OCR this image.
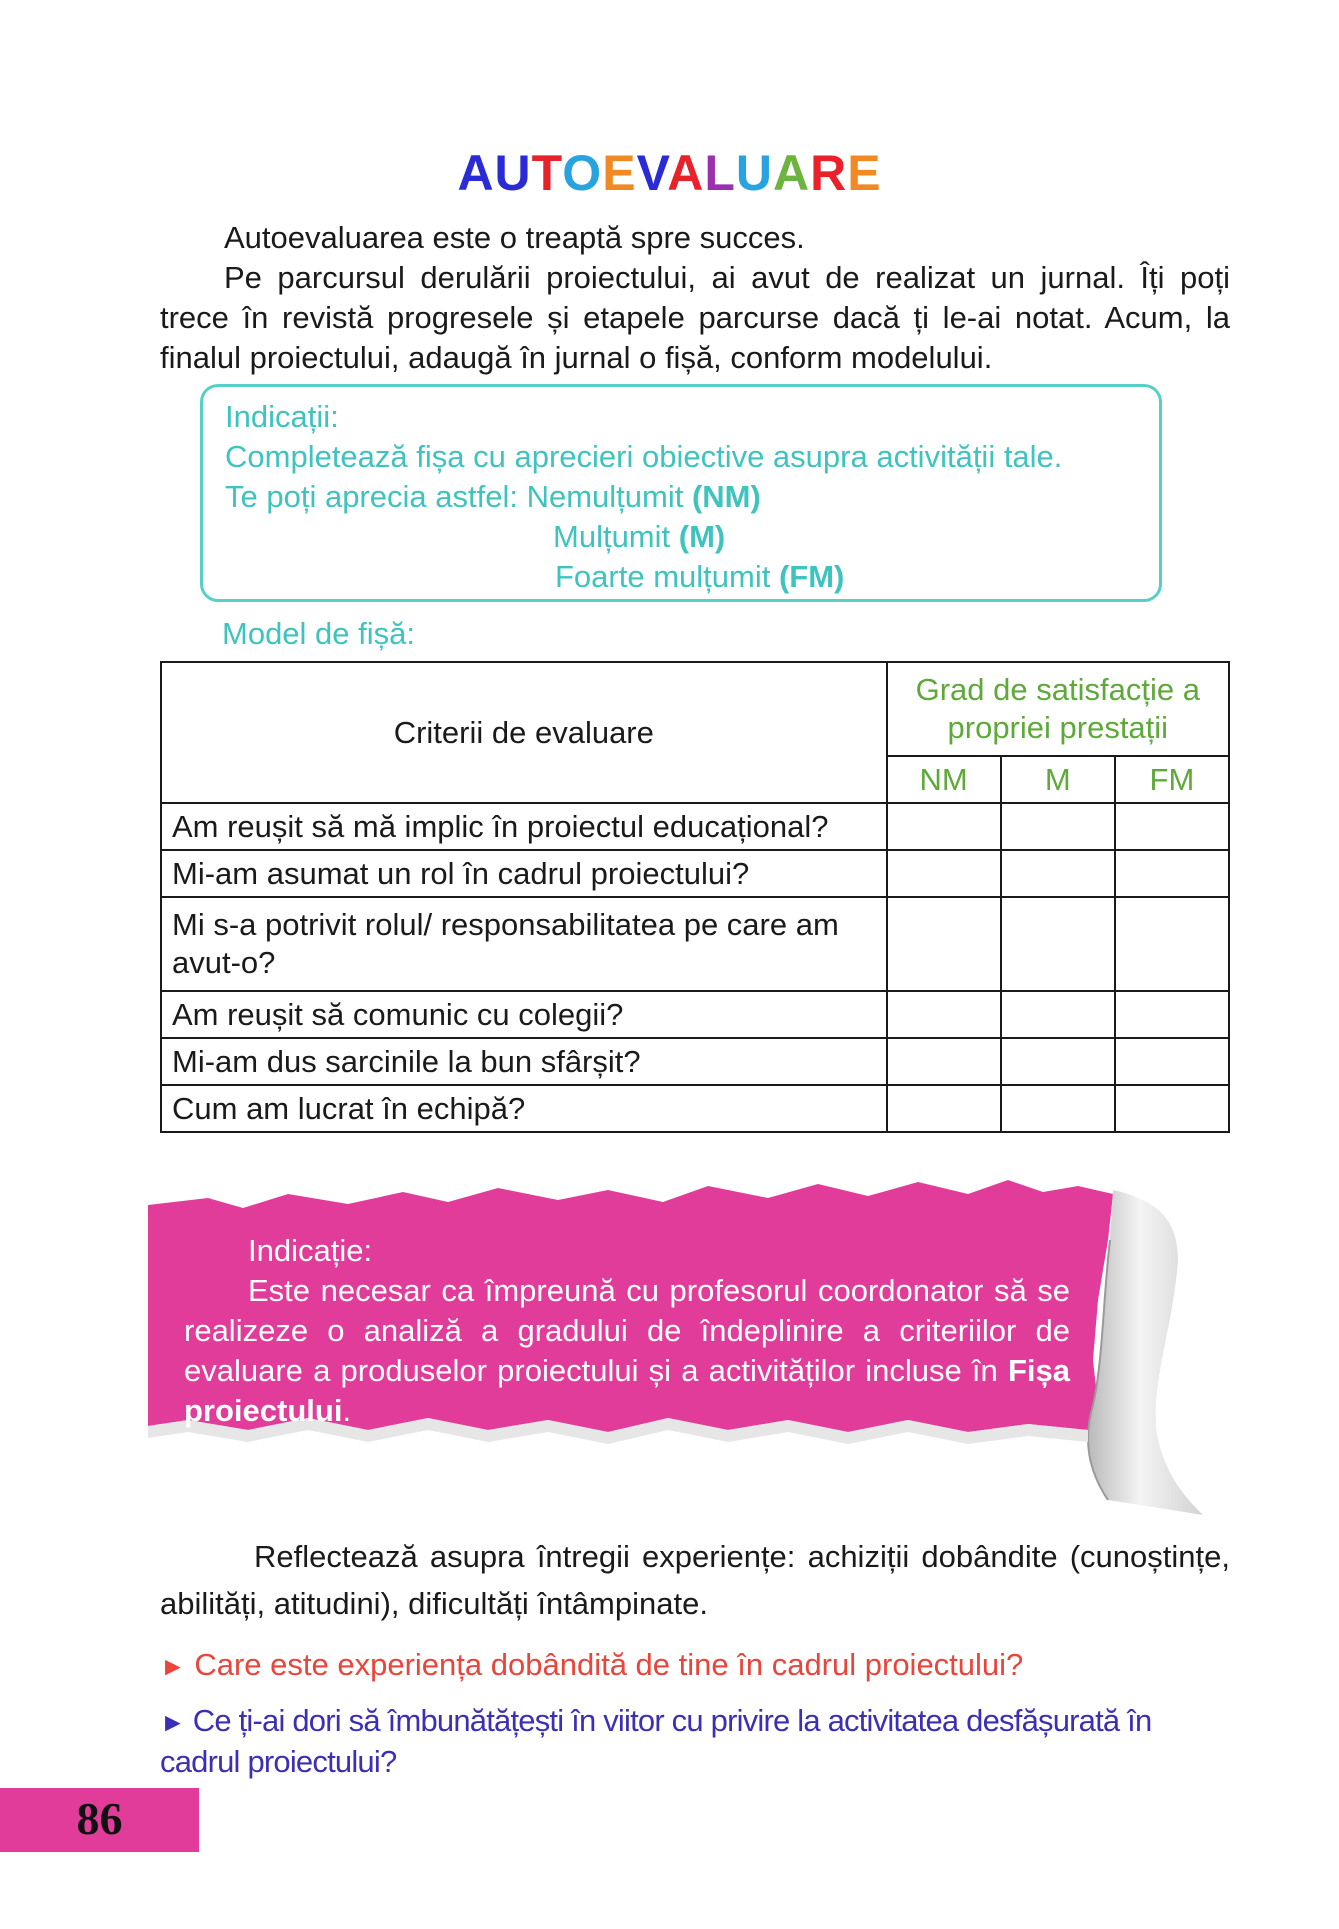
AUTOEVALUARE

Autoevaluarea este o treaptă spre succes.

Pe parcursul derulării proiectului, ai avut de realizat un jurnal. Îți poți trece în revistă progresele și etapele parcurse dacă ți le-ai notat. Acum, la finalul proiectului, adaugă în jurnal o fișă, conform modelului.

Indicații:
Completează fișa cu aprecieri obiective asupra activității tale.
Te poți aprecia astfel: Nemulțumit (NM)
Mulțumit (M)
Foarte mulțumit (FM)
Model de fișă:
Criterii de evaluare	Grad de satisfacție a propriei prestații		
	NM	M	FM
Am reușit să mă implic în proiectul educațional?			
Mi-am asumat un rol în cadrul proiectului?			
Mi s-a potrivit rolul/ responsabilitatea pe care am avut-o?			
Am reușit să comunic cu colegii?			
Mi-am dus sarcinile la bun sfârșit?			
Cum am lucrat în echipă?			

Indicație:

Este necesar ca împreună cu profesorul coordonator să se realizeze o analiză a gradului de îndeplinire a criteriilor de evaluare a produselor proiectului și a activităților incluse în Fișa proiectului.

Reflectează asupra întregii experiențe: achiziții dobândite (cunoștințe, abilități, atitudini), dificultăți întâmpinate.

► Care este experiența dobândită de tine în cadrul proiectului?
► Ce ți-ai dori să îmbunătățești în viitor cu privire la activitatea desfășurată în cadrul proiectului?
86
